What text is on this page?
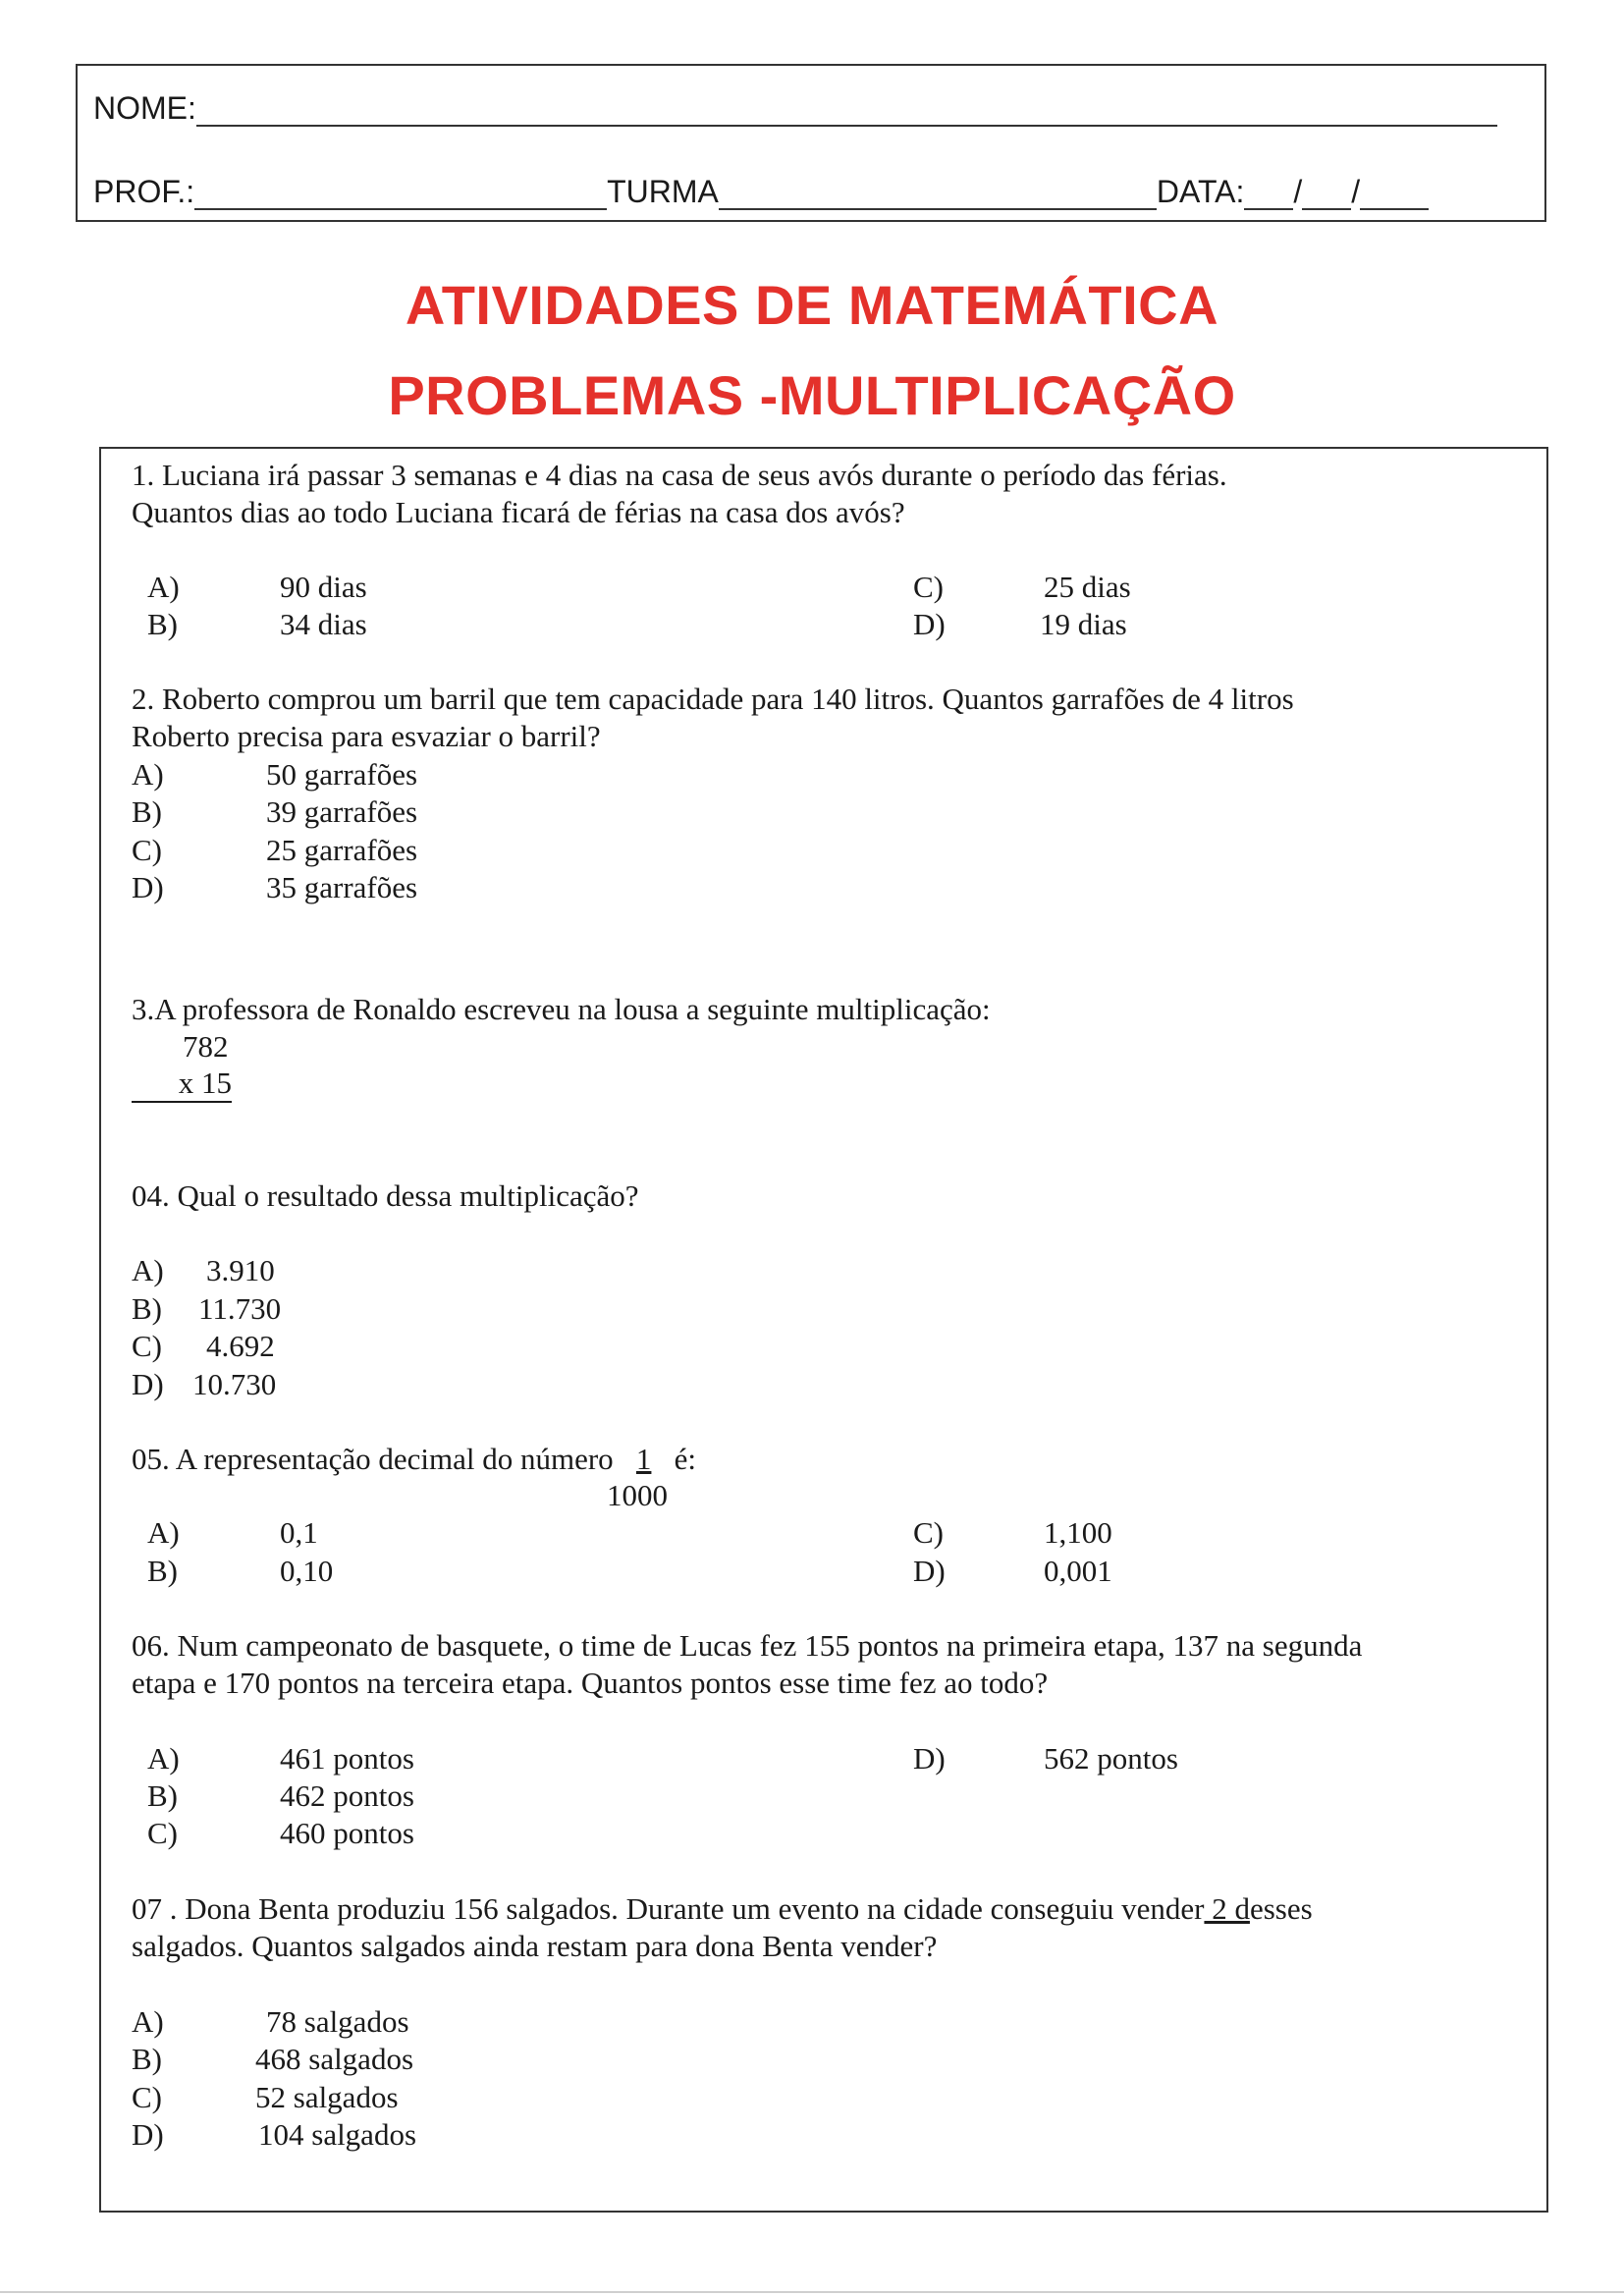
NOME:
PROF.:	TURMA	DATA: / /
ATIVIDADES DE MATEMÁTICA
PROBLEMAS -MULTIPLICAÇÃO
1. Luciana irá passar 3 semanas e 4 dias na casa de seus avós durante o período das férias.
Quantos dias ao todo Luciana ficará de férias na casa dos avós?
A)	90 dias
B)	34 dias
C)	25 dias
D)	19 dias
2. Roberto comprou um barril que tem capacidade para 140 litros. Quantos garrafões de 4 litros
Roberto precisa para esvaziar o barril?
A)	50 garrafões
B)	39 garrafões
C)	25 garrafões
D)	35 garrafões
3.A professora de Ronaldo escreveu na lousa a seguinte multiplicação:
782
x 15
04. Qual o resultado dessa multiplicação?
A) 3.910
B) 11.730
C) 4.692
D) 10.730
05. A representação decimal do número 1 é:
1000
A)	0,1
B)	0,10
C)	1,100
D)	0,001
06. Num campeonato de basquete, o time de Lucas fez 155 pontos na primeira etapa, 137 na segunda
etapa e 170 pontos na terceira etapa. Quantos pontos esse time fez ao todo?
A)	461 pontos
B)	462 pontos
C)	460 pontos
D)	562 pontos
07 . Dona Benta produziu 156 salgados. Durante um evento na cidade conseguiu vender 2 desses
salgados. Quantos salgados ainda restam para dona Benta vender?
A)	78 salgados
B)	468 salgados
C)	52 salgados
D)	104 salgados
